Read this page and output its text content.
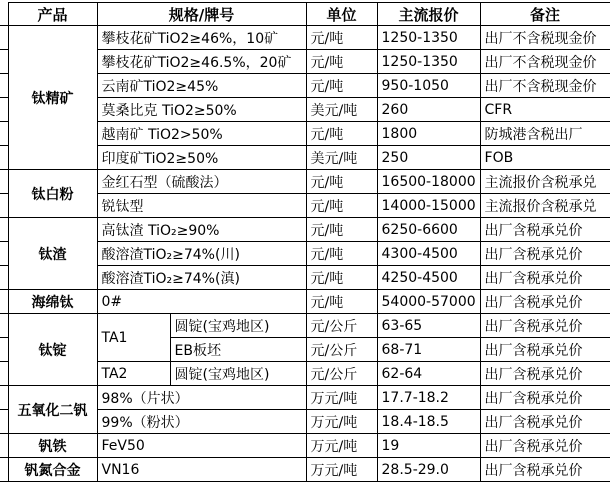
	产品	规格/牌号		单位	主流报价	备注
	钛精矿	攀枝花矿TiO2≥46%，10矿		元/吨	1250-1350	出厂不含税现金价
		攀枝花矿TiO2≥46.5%，20矿		元/吨	1250-1350	出厂不含税现金价
		云南矿TiO2≥45%		元/吨	950-1050	出厂不含税现金价
		莫桑比克 TiO2≥50%		美元/吨	260	CFR
		越南矿 TiO2>50%		元/吨	1800	防城港含税出厂
		印度矿TiO2≥50%		美元/吨	250	FOB
	钛白粉	金红石型（硫酸法）		元/吨	16500-18000	主流报价含税承兑
		锐钛型		元/吨	14000-15000	主流报价含税承兑
	钛渣	高钛渣 TiO₂≥90%		元/吨	6250-6600	出厂含税承兑价
		酸溶渣TiO₂≥74%(川)		元/吨	4300-4500	出厂含税承兑价
		酸溶渣TiO₂≥74%(滇)		元/吨	4250-4500	出厂含税承兑价
	海绵钛	0#		元/吨	54000-57000	出厂含税承兑价
	钛锭	TA1	圆锭(宝鸡地区)	元/公斤	63-65	出厂含税承兑价
			EB板坯	元/公斤	68-71	出厂含税承兑价
		TA2	圆锭(宝鸡地区)	元/公斤	62-64	出厂含税承兑价
	五氧化二钒	98%（片状）		万元/吨	17.7-18.2	出厂含税承兑价
		99%（粉状）		万元/吨	18.4-18.5	出厂含税承兑价
	钒铁	FeV50		万元/吨	19	出厂含税承兑价
	钒氮合金	VN16		万元/吨	28.5-29.0	出厂含税承兑价
